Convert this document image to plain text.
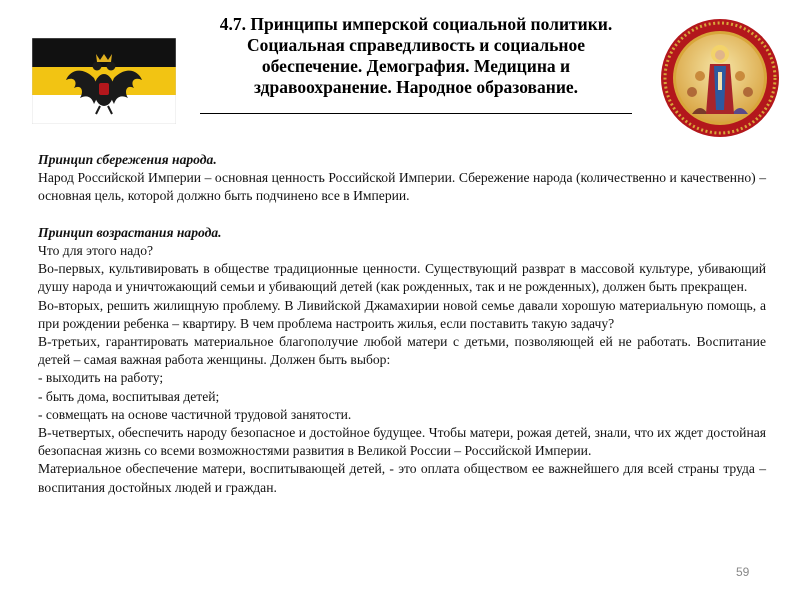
4.7. Принципы имперской социальной политики.
Социальная справедливость и социальное
обеспечение. Демография. Медицина и
здравоохранение. Народное образование.

Принцип сбережения народа.

Народ Российской Империи – основная ценность Российской Империи. Сбережение народа (количественно и качественно) – основная цель, которой должно быть подчинено все в Империи.

Принцип возрастания народа.

Что для этого надо?

Во-первых, культивировать в обществе традиционные ценности. Существующий разврат в массовой культуре, убивающий душу народа и уничтожающий семьи и убивающий детей (как рожденных, так и не рожденных), должен быть прекращен.

Во-вторых, решить жилищную проблему. В Ливийской Джамахирии новой семье давали хорошую материальную помощь, а при рождении ребенка – квартиру. В чем проблема настроить жилья, если поставить такую задачу?

В-третьих, гарантировать материальное благополучие любой матери с детьми, позволяющей ей не работать. Воспитание детей – самая важная работа женщины. Должен быть выбор:

- выходить на работу;

- быть дома, воспитывая детей;

- совмещать на основе частичной трудовой занятости.

В-четвертых, обеспечить народу безопасное и достойное будущее. Чтобы матери, рожая детей, знали, что их ждет достойная безопасная жизнь со всеми возможностями развития в Великой России – Российской Империи.

Материальное обеспечение матери, воспитывающей детей, - это оплата обществом ее важнейшего для всей страны труда – воспитания достойных людей и граждан.

59
